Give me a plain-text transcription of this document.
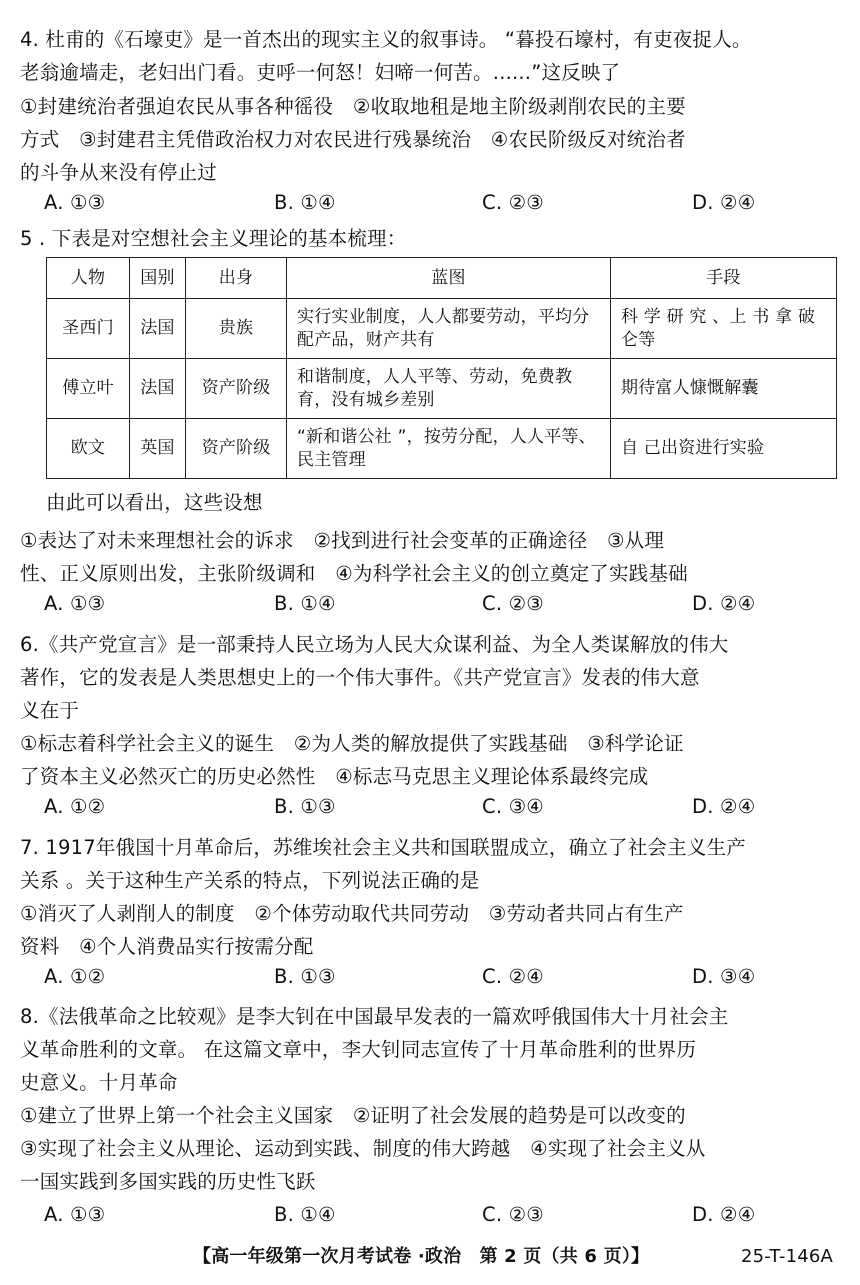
4. 杜甫的《石壕吏》是一首杰出的现实主义的叙事诗。 “暮投石壕村，有吏夜捉人。
老翁逾墙走，老妇出门看。吏呼一何怒！妇啼一何苦。......”这反映了
①封建统治者强迫农民从事各种徭役　②收取地租是地主阶级剥削农民的主要
方式　③封建君主凭借政治权力对农民进行残暴统治　④农民阶级反对统治者
的斗争从来没有停止过
A. ①③	B. ①④	C. ②③	D. ②④
5 . 下表是对空想社会主义理论的基本梳理：
人物	国别	出身	蓝图	手段
圣西门	法国	贵族	实行实业制度，人人都要劳动，平均分配产品，财产共有	科 学 研 究 、上 书 拿 破仑等
傅立叶	法国	资产阶级	和谐制度，人人平等、劳动，免费教育，没有城乡差别	期待富人慷慨解囊
欧文	英国	资产阶级	“新和谐公社 ”，按劳分配，人人平等、民主管理	自 己出资进行实验
由此可以看出，这些设想
①表达了对未来理想社会的诉求　②找到进行社会变革的正确途径　③从理
性、正义原则出发，主张阶级调和　④为科学社会主义的创立奠定了实践基础
A. ①③	B. ①④	C. ②③	D. ②④
6.《共产党宣言》是一部秉持人民立场为人民大众谋利益、为全人类谋解放的伟大
著作，它的发表是人类思想史上的一个伟大事件。《共产党宣言》发表的伟大意
义在于
①标志着科学社会主义的诞生　②为人类的解放提供了实践基础　③科学论证
了资本主义必然灭亡的历史必然性　④标志马克思主义理论体系最终完成
A. ①②	B. ①③	C. ③④	D. ②④
7. 1917年俄国十月革命后，苏维埃社会主义共和国联盟成立，确立了社会主义生产
关系 。关于这种生产关系的特点，下列说法正确的是
①消灭了人剥削人的制度　②个体劳动取代共同劳动　③劳动者共同占有生产
资料　④个人消费品实行按需分配
A. ①②	B. ①③	C. ②④	D. ③④
8.《法俄革命之比较观》是李大钊在中国最早发表的一篇欢呼俄国伟大十月社会主
义革命胜利的文章。 在这篇文章中，李大钊同志宣传了十月革命胜利的世界历
史意义。十月革命
①建立了世界上第一个社会主义国家　②证明了社会发展的趋势是可以改变的
③实现了社会主义从理论、运动到实践、制度的伟大跨越　④实现了社会主义从
一国实践到多国实践的历史性飞跃
A. ①③	B. ①④	C. ②③	D. ②④
【高一年级第一次月考试卷 ·政治　第 2 页（共 6 页）】	25-T-146A
